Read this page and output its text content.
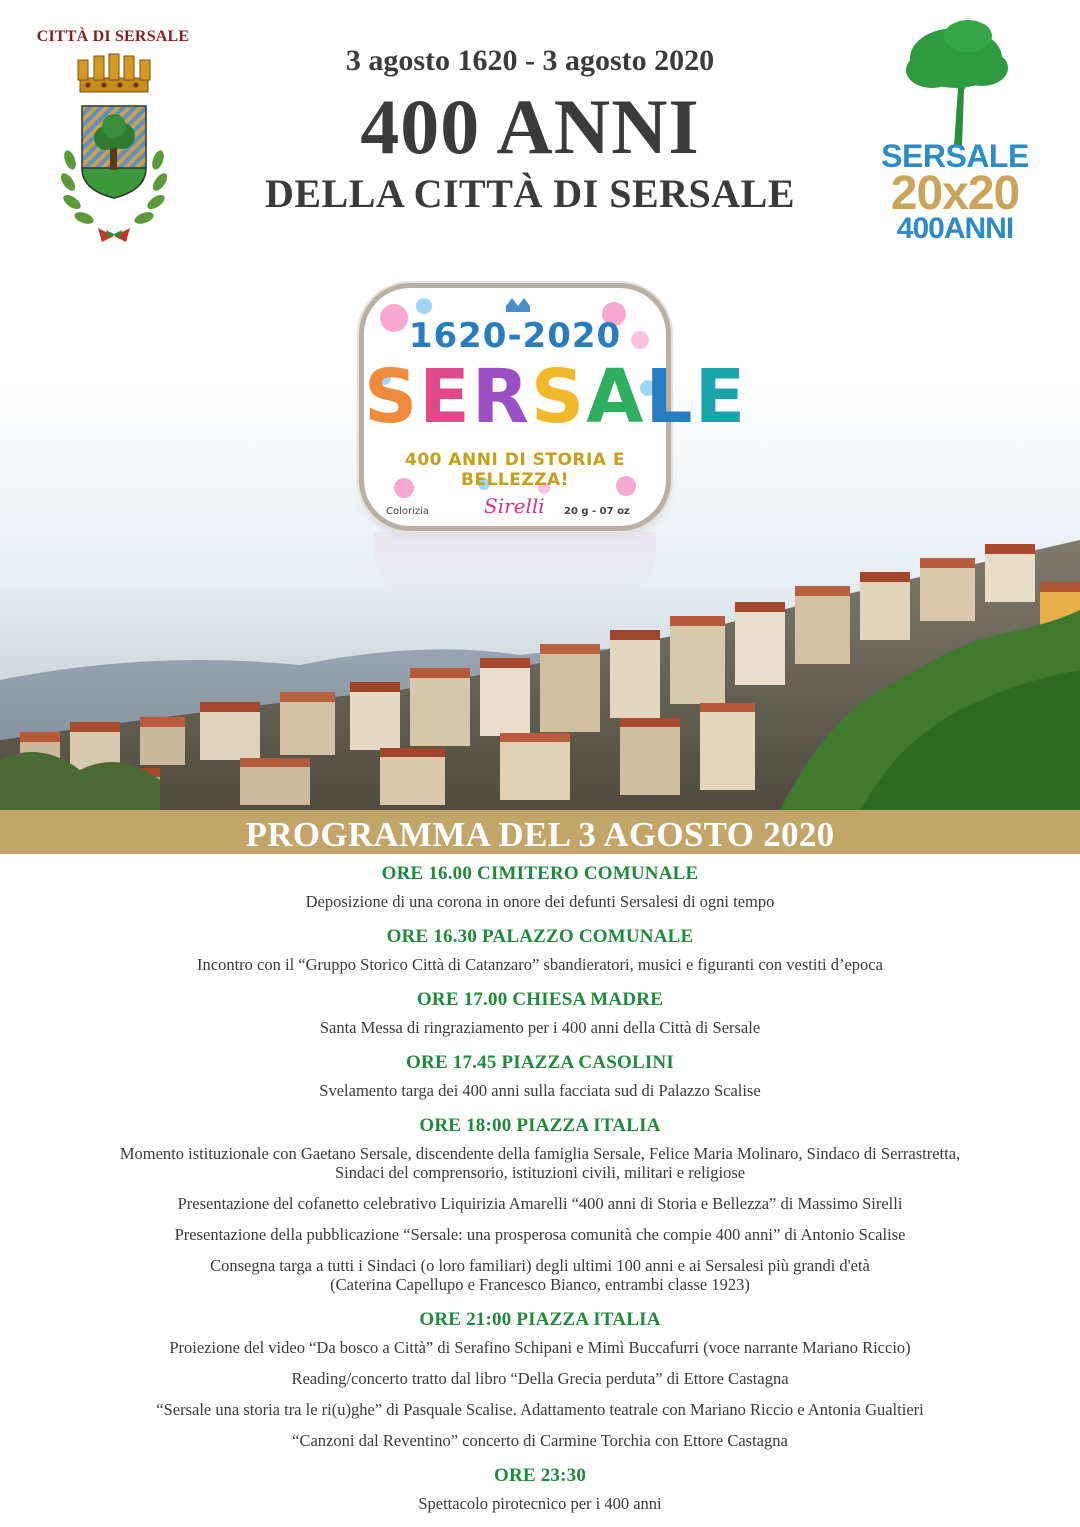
CITTÀ DI SERSALE
3 agosto 1620 - 3 agosto 2020
400 ANNI
DELLA CITTÀ DI SERSALE
SERSALE
20x20
400ANNI
1620-2020
SERSALE
400 ANNI DI STORIA E BELLEZZA!
Colorizia	Sirelli 20 g - 07 oz
PROGRAMMA DEL 3 AGOSTO 2020

ORE 16.00 CIMITERO COMUNALE

Deposizione di una corona in onore dei defunti Sersalesi di ogni tempo

ORE 16.30 PALAZZO COMUNALE

Incontro con il “Gruppo Storico Città di Catanzaro” sbandieratori, musici e figuranti con vestiti d’epoca

ORE 17.00 CHIESA MADRE

Santa Messa di ringraziamento per i 400 anni della Città di Sersale

ORE 17.45 PIAZZA CASOLINI

Svelamento targa dei 400 anni sulla facciata sud di Palazzo Scalise

ORE 18:00 PIAZZA ITALIA

Momento istituzionale con Gaetano Sersale, discendente della famiglia Sersale, Felice Maria Molinaro, Sindaco di Serrastretta,

Sindaci del comprensorio, istituzioni civili, militari e religiose

Presentazione del cofanetto celebrativo Liquirizia Amarelli “400 anni di Storia e Bellezza” di Massimo Sirelli

Presentazione della pubblicazione “Sersale: una prosperosa comunità che compie 400 anni” di Antonio Scalise

Consegna targa a tutti i Sindaci (o loro familiari) degli ultimi 100 anni e ai Sersalesi più grandi d'età

(Caterina Capellupo e Francesco Bianco, entrambi classe 1923)

ORE 21:00 PIAZZA ITALIA

Proiezione del video “Da bosco a Città” di Serafino Schipani e Mimì Buccafurri (voce narrante Mariano Riccio)

Reading/concerto tratto dal libro “Della Grecia perduta” di Ettore Castagna

“Sersale una storia tra le ri(u)ghe” di Pasquale Scalise. Adattamento teatrale con Mariano Riccio e Antonia Gualtieri

“Canzoni dal Reventino” concerto di Carmine Torchia con Ettore Castagna

ORE 23:30

Spettacolo pirotecnico per i 400 anni
